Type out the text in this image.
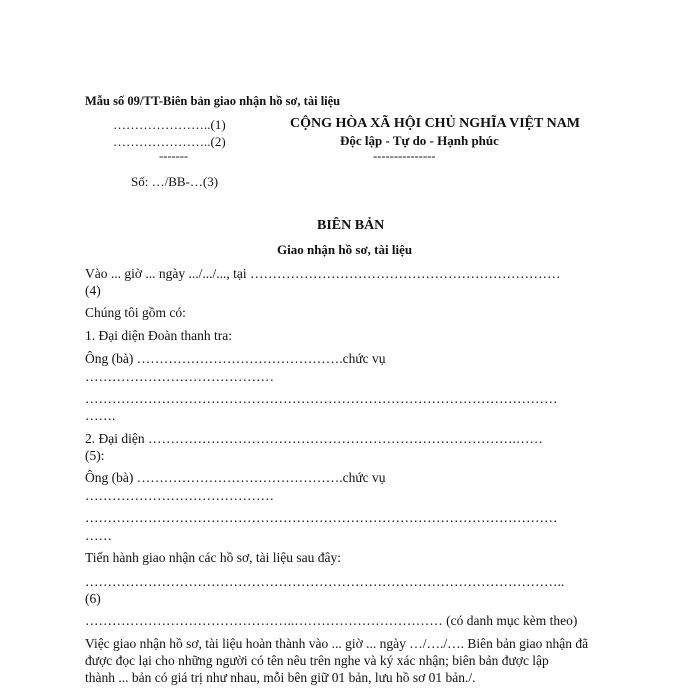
Mẫu số 09/TT-Biên bản giao nhận hồ sơ, tài liệu
…………………..(1)
…………………..(2)
-------
Số: …/BB-…(3)
CỘNG HÒA XÃ HỘI CHỦ NGHĨA VIỆT NAM
Độc lập - Tự do - Hạnh phúc
---------------
BIÊN BẢN
Giao nhận hồ sơ, tài liệu
Vào ... giờ ... ngày .../.../..., tại ……………………………………………………………
(4)
Chúng tôi gồm có:
1. Đại diện Đoàn thanh tra:
Ông (bà) ……………………………………….chức vụ
……………………………………
……………………………………………………………………………………………
…….
2. Đại diện ……………………………………………………………………….……
(5):
Ông (bà) ……………………………………….chức vụ
……………………………………
……………………………………………………………………………………………
……
Tiến hành giao nhận các hồ sơ, tài liệu sau đây:
……………………………………………………………………………………………..
(6)
………………………………………..…………………………… (có danh mục kèm theo)
Việc giao nhận hồ sơ, tài liệu hoàn thành vào ... giờ ... ngày …/…./…. Biên bản giao nhận đã
được đọc lại cho những người có tên nêu trên nghe và ký xác nhận; biên bản được lập
thành ... bản có giá trị như nhau, mỗi bên giữ 01 bản, lưu hồ sơ 01 bản./.
